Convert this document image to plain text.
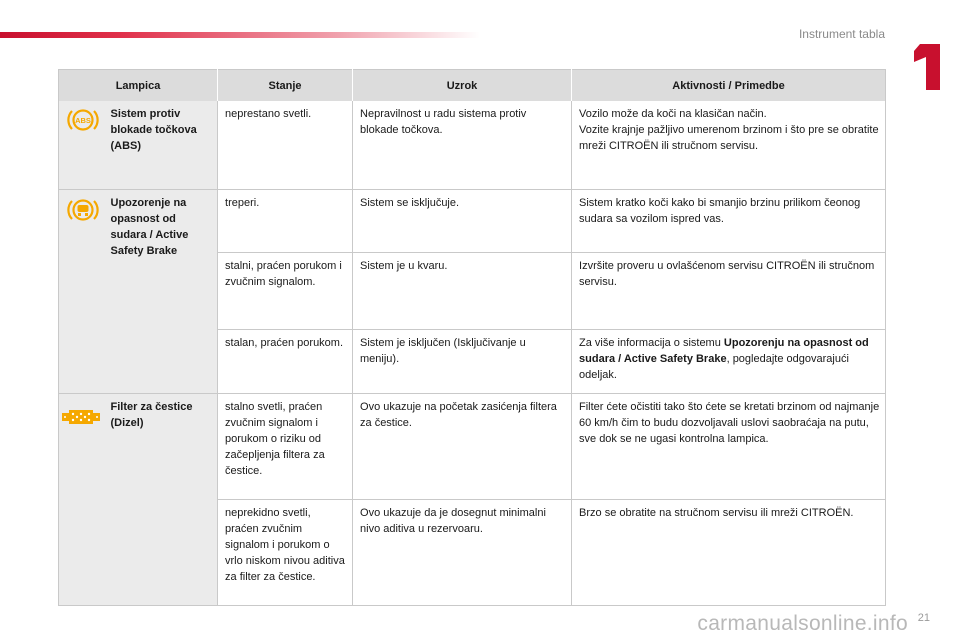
Instrument tabla
Lampica		Stanje	Uzrok	Aktivnosti / Primedbe

ABS	Sistem protiv blokade točkova (ABS)	neprestano svetli.	Nepravilnost u radu sistema protiv blokade točkova.	Vozilo može da koči na klasičan način.
Vozite krajnje pažljivo umerenom brzinom i što pre se obratite mreži CITROËN ili stručnom servisu.

	Upozorenje na opasnost od sudara / Active Safety Brake	treperi.	Sistem se isključuje.	Sistem kratko koči kako bi smanjio brzinu prilikom čeonog sudara sa vozilom ispred vas.
		stalni, praćen porukom i zvučnim signalom.	Sistem je u kvaru.	Izvršite proveru u ovlašćenom servisu CITROËN ili stručnom servisu.
		stalan, praćen porukom.	Sistem je isključen (Isključivanje u meniju).	Za više informacija o sistemu Upozorenju na opasnost od sudara / Active Safety Brake, pogledajte odgovarajući odeljak.

	Filter za čestice (Dizel)	stalno svetli, praćen zvučnim signalom i porukom o riziku od začepljenja filtera za čestice.	Ovo ukazuje na početak zasićenja filtera za čestice.	Filter ćete očistiti tako što ćete se kretati brzinom od najmanje 60 km/h čim to budu dozvoljavali uslovi saobraćaja na putu, sve dok se ne ugasi kontrolna lampica.
		neprekidno svetli, praćen zvučnim signalom i porukom o vrlo niskom nivou aditiva za filter za čestice.	Ovo ukazuje da je dosegnut minimalni nivo aditiva u rezervoaru.	Brzo se obratite na stručnom servisu ili mreži CITROËN.
21
carmanualsonline.info
